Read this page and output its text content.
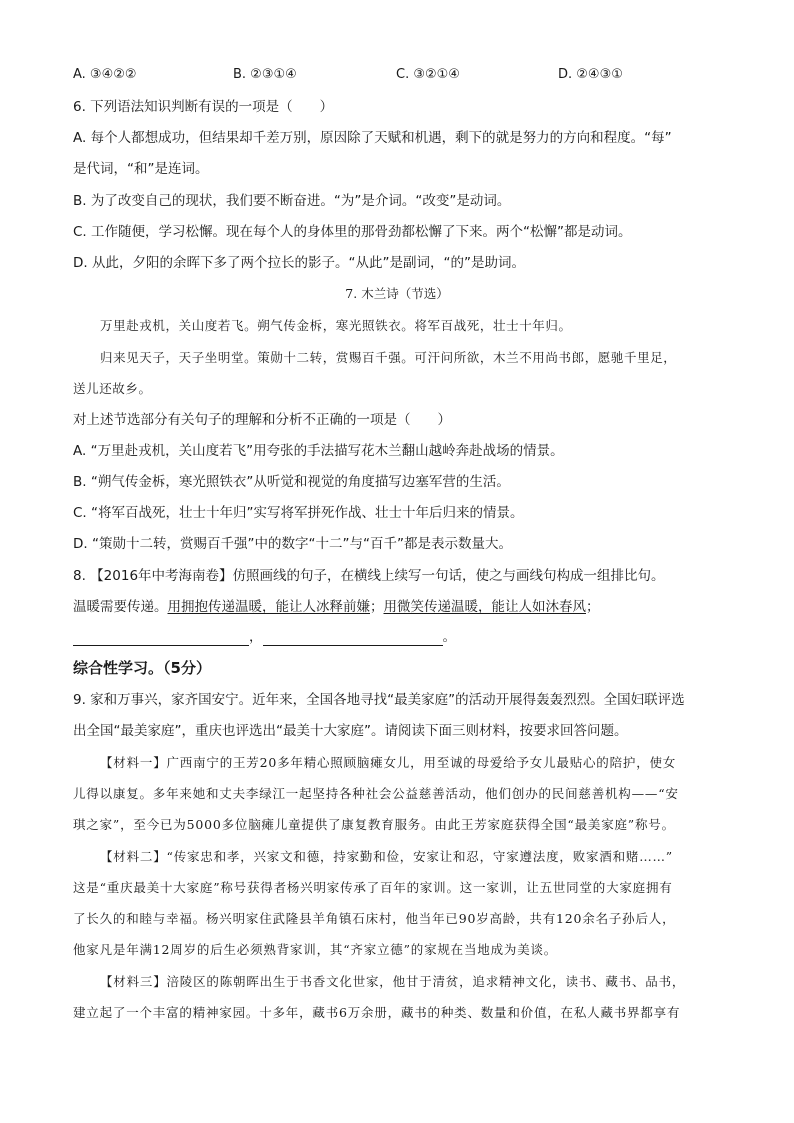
A. ③④②②	B. ②③①④	C. ③②①④	D. ②④③①
6. 下列语法知识判断有误的一项是（　　）
A. 每个人都想成功，但结果却千差万别，原因除了天赋和机遇，剩下的就是努力的方向和程度。“每”
是代词，“和”是连词。
B. 为了改变自己的现状，我们要不断奋进。“为”是介词。“改变”是动词。
C. 工作随便，学习松懈。现在每个人的身体里的那骨劲都松懈了下来。两个“松懈”都是动词。
D. 从此，夕阳的余晖下多了两个拉长的影子。“从此”是副词，“的”是助词。
7. 木兰诗（节选）
万里赴戎机，关山度若飞。朔气传金柝，寒光照铁衣。将军百战死，壮士十年归。
归来见天子，天子坐明堂。策勋十二转，赏赐百千强。可汗问所欲，木兰不用尚书郎，愿驰千里足，
送儿还故乡。
对上述节选部分有关句子的理解和分析不正确的一项是（　　）
A. “万里赴戎机，关山度若飞”用夸张的手法描写花木兰翻山越岭奔赴战场的情景。
B. “朔气传金柝，寒光照铁衣”从听觉和视觉的角度描写边塞军营的生活。
C. “将军百战死，壮士十年归”实写将军拼死作战、壮士十年后归来的情景。
D. “策勋十二转，赏赐百千强”中的数字“十二”与“百千”都是表示数量大。
8. 【2016年中考海南卷】仿照画线的句子，在横线上续写一句话，使之与画线句构成一组排比句。
温暖需要传递。用拥抱传递温暖，能让人冰释前嫌；用微笑传递温暖，能让人如沐春风；
，	。
综合性学习。（5分）
9. 家和万事兴，家齐国安宁。近年来，全国各地寻找“最美家庭”的活动开展得轰轰烈烈。全国妇联评选
出全国“最美家庭”，重庆也评选出“最美十大家庭”。请阅读下面三则材料，按要求回答问题。
【材料一】广西南宁的王芳20多年精心照顾脑瘫女儿，用至诚的母爱给予女儿最贴心的陪护，使女
儿得以康复。多年来她和丈夫李绿江一起坚持各种社会公益慈善活动，他们创办的民间慈善机构——“安
琪之家”，至今已为5000多位脑瘫儿童提供了康复教育服务。由此王芳家庭获得全国“最美家庭”称号。
【材料二】“传家忠和孝，兴家文和德，持家勤和俭，安家让和忍，守家遵法度，败家酒和赌……”
这是“重庆最美十大家庭”称号获得者杨兴明家传承了百年的家训。这一家训，让五世同堂的大家庭拥有
了长久的和睦与幸福。杨兴明家住武隆县羊角镇石床村，他当年已90岁高龄，共有120余名子孙后人，
他家凡是年满12周岁的后生必须熟背家训，其“齐家立德”的家规在当地成为美谈。
【材料三】涪陵区的陈朝晖出生于书香文化世家，他甘于清贫，追求精神文化，读书、藏书、品书，
建立起了一个丰富的精神家园。十多年，藏书6万余册，藏书的种类、数量和价值，在私人藏书界都享有
